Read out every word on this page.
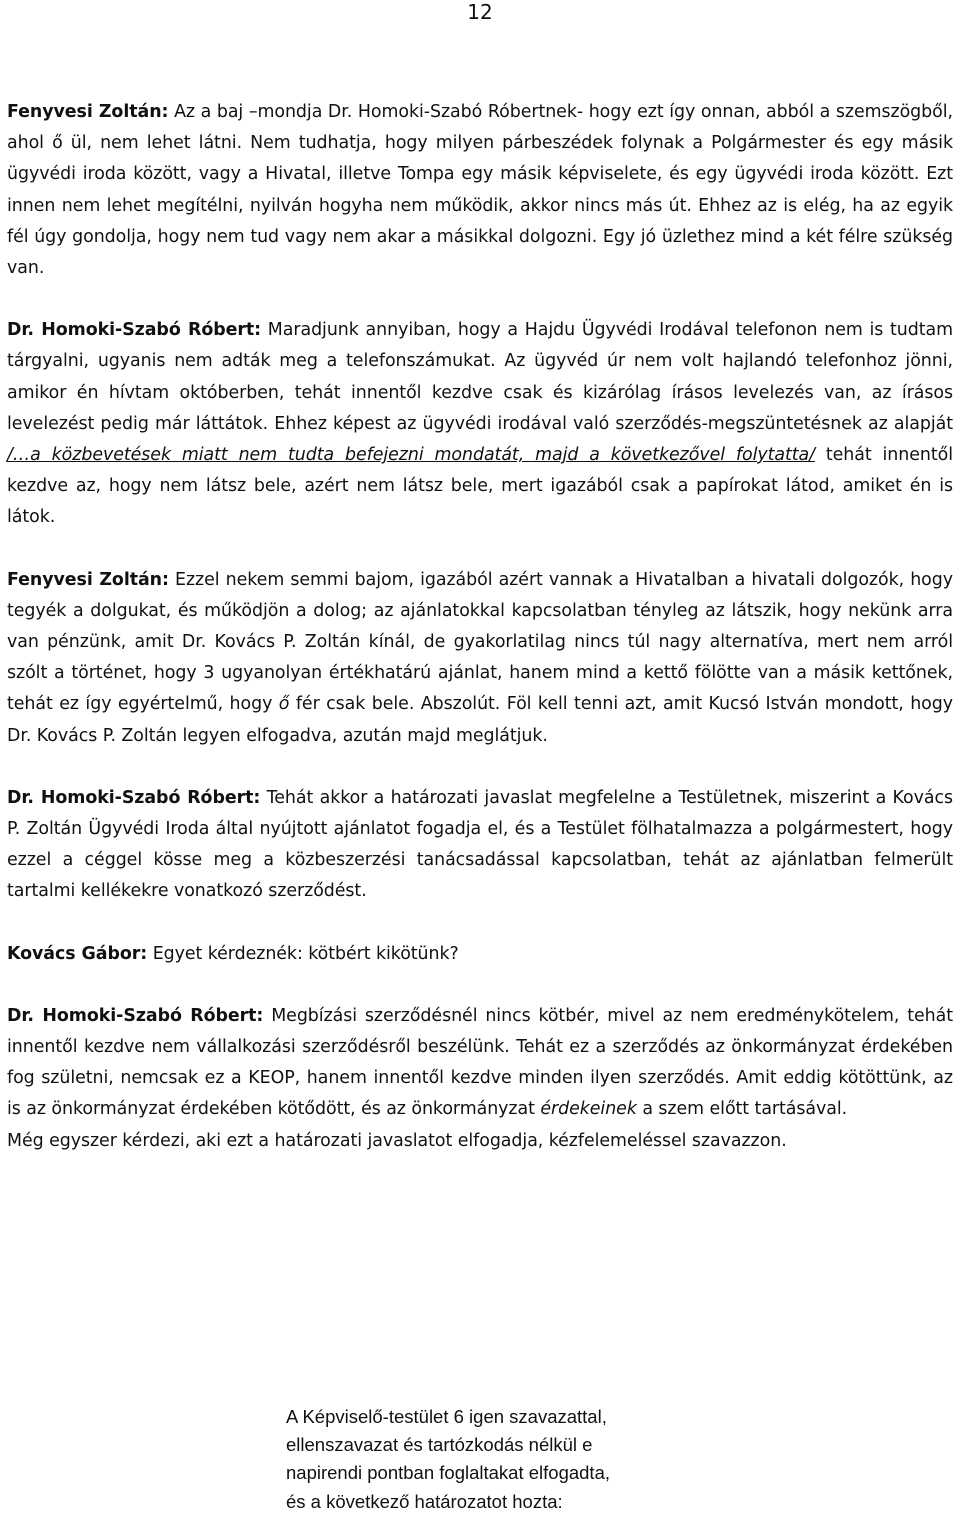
12

Fenyvesi Zoltán: Az a baj –mondja Dr. Homoki-Szabó Róbertnek- hogy ezt így onnan, abból a szemszögből, ahol ő ül, nem lehet látni. Nem tudhatja, hogy milyen párbeszédek folynak a Polgármester és egy másik ügyvédi iroda között, vagy a Hivatal, illetve Tompa egy másik képviselete, és egy ügyvédi iroda között. Ezt innen nem lehet megítélni, nyilván hogyha nem működik, akkor nincs más út. Ehhez az is elég, ha az egyik fél úgy gondolja, hogy nem tud vagy nem akar a másikkal dolgozni. Egy jó üzlethez mind a két félre szükség van.

Dr. Homoki-Szabó Róbert: Maradjunk annyiban, hogy a Hajdu Ügyvédi Irodával telefonon nem is tudtam tárgyalni, ugyanis nem adták meg a telefonszámukat. Az ügyvéd úr nem volt hajlandó telefonhoz jönni, amikor én hívtam októberben, tehát innentől kezdve csak és kizárólag írásos levelezés van, az írásos levelezést pedig már láttátok. Ehhez képest az ügyvédi irodával való szerződés-megszüntetésnek az alapját /…a közbevetések miatt nem tudta befejezni mondatát, majd a következővel folytatta/ tehát innentől kezdve az, hogy nem látsz bele, azért nem látsz bele, mert igazából csak a papírokat látod, amiket én is látok.

Fenyvesi Zoltán: Ezzel nekem semmi bajom, igazából azért vannak a Hivatalban a hivatali dolgozók, hogy tegyék a dolgukat, és működjön a dolog; az ajánlatokkal kapcsolatban tényleg az látszik, hogy nekünk arra van pénzünk, amit Dr. Kovács P. Zoltán kínál, de gyakorlatilag nincs túl nagy alternatíva, mert nem arról szólt a történet, hogy 3 ugyanolyan értékhatárú ajánlat, hanem mind a kettő fölötte van a másik kettőnek, tehát ez így egyértelmű, hogy ő fér csak bele. Abszolút. Föl kell tenni azt, amit Kucsó István mondott, hogy Dr. Kovács P. Zoltán legyen elfogadva, azután majd meglátjuk.

Dr. Homoki-Szabó Róbert: Tehát akkor a határozati javaslat megfelelne a Testületnek, miszerint a Kovács P. Zoltán Ügyvédi Iroda által nyújtott ajánlatot fogadja el, és a Testület fölhatalmazza a polgármestert, hogy ezzel a céggel kösse meg a közbeszerzési tanácsadással kapcsolatban, tehát az ajánlatban felmerült tartalmi kellékekre vonatkozó szerződést.

Kovács Gábor: Egyet kérdeznék: kötbért kikötünk?

Dr. Homoki-Szabó Róbert: Megbízási szerződésnél nincs kötbér, mivel az nem eredménykötelem, tehát innentől kezdve nem vállalkozási szerződésről beszélünk. Tehát ez a szerződés az önkormányzat érdekében fog születni, nemcsak ez a KEOP, hanem innentől kezdve minden ilyen szerződés. Amit eddig kötöttünk, az is az önkormányzat érdekében kötődött, és az önkormányzat érdekeinek a szem előtt tartásával.

Még egyszer kérdezi, aki ezt a határozati javaslatot elfogadja, kézfelemeléssel szavazzon.

A Képviselő-testület 6 igen szavazattal,
ellenszavazat és tartózkodás nélkül e
napirendi pontban foglaltakat elfogadta,
és a következő határozatot hozta:
